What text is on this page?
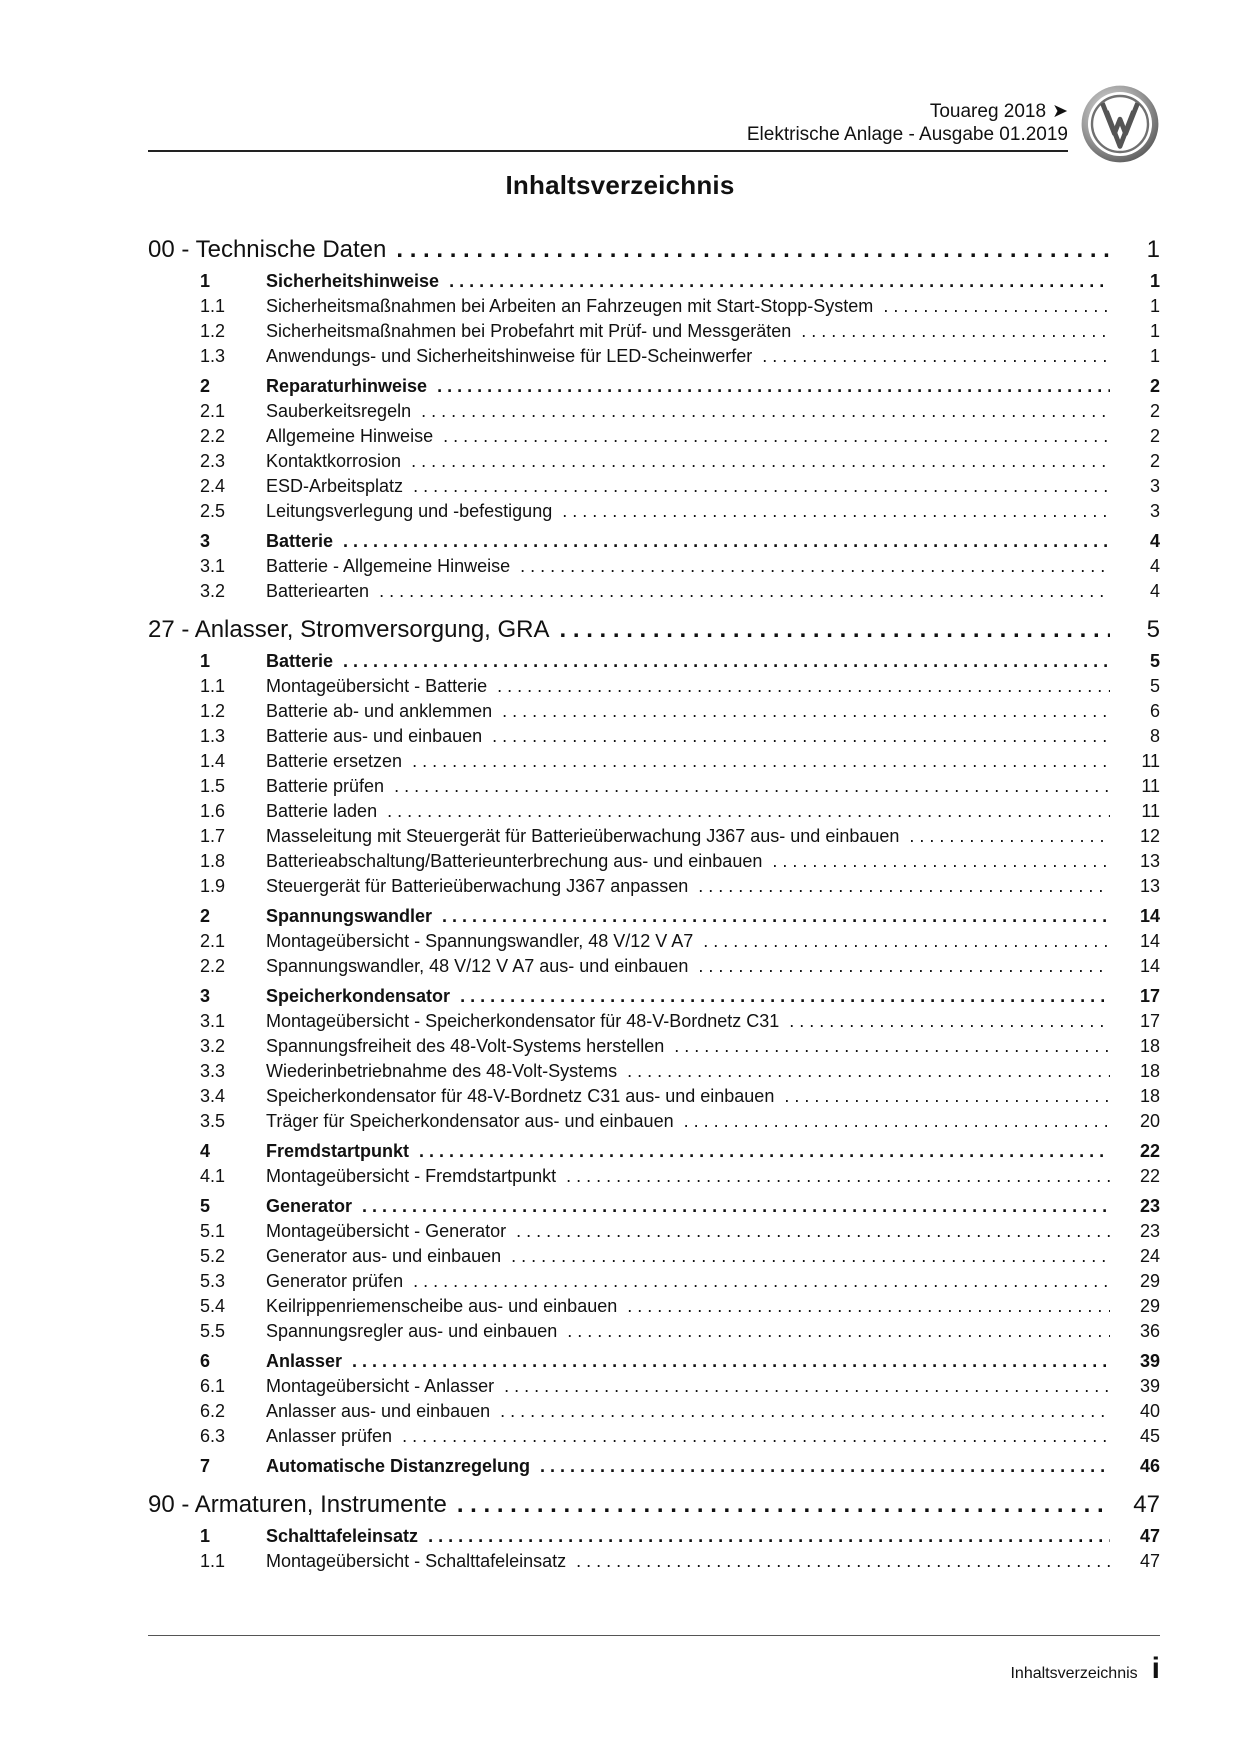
Touareg 2018 ➤
Elektrische Anlage - Ausgabe 01.2019
Inhaltsverzeichnis
00 - Technische Daten . . .	1
1	Sicherheitshinweise . . .	1
1.1	Sicherheitsmaßnahmen bei Arbeiten an Fahrzeugen mit Start-Stopp-System . . .	1
1.2	Sicherheitsmaßnahmen bei Probefahrt mit Prüf- und Messgeräten . . .	1
1.3	Anwendungs- und Sicherheitshinweise für LED-Scheinwerfer . . .	1
2	Reparaturhinweise . . .	2
2.1	Sauberkeitsregeln . . .	2
2.2	Allgemeine Hinweise . . .	2
2.3	Kontaktkorrosion . . .	2
2.4	ESD-Arbeitsplatz . . .	3
2.5	Leitungsverlegung und -befestigung . . .	3
3	Batterie . . .	4
3.1	Batterie - Allgemeine Hinweise . . .	4
3.2	Batteriearten . . .	4
27 - Anlasser, Stromversorgung, GRA . . .	5
1	Batterie . . .	5
1.1	Montageübersicht - Batterie . . .	5
1.2	Batterie ab- und anklemmen . . .	6
1.3	Batterie aus- und einbauen . . .	8
1.4	Batterie ersetzen . . .	11
1.5	Batterie prüfen . . .	11
1.6	Batterie laden . . .	11
1.7	Masseleitung mit Steuergerät für Batterieüberwachung J367 aus- und einbauen . . .	12
1.8	Batterieabschaltung/Batterieunterbrechung aus- und einbauen . . .	13
1.9	Steuergerät für Batterieüberwachung J367 anpassen . . .	13
2	Spannungswandler . . .	14
2.1	Montageübersicht - Spannungswandler, 48 V/12 V A7 . . .	14
2.2	Spannungswandler, 48 V/12 V A7 aus- und einbauen . . .	14
3	Speicherkondensator . . .	17
3.1	Montageübersicht - Speicherkondensator für 48-V-Bordnetz C31 . . .	17
3.2	Spannungsfreiheit des 48-Volt-Systems herstellen . . .	18
3.3	Wiederinbetriebnahme des 48-Volt-Systems . . .	18
3.4	Speicherkondensator für 48-V-Bordnetz C31 aus- und einbauen . . .	18
3.5	Träger für Speicherkondensator aus- und einbauen . . .	20
4	Fremdstartpunkt . . .	22
4.1	Montageübersicht - Fremdstartpunkt . . .	22
5	Generator . . .	23
5.1	Montageübersicht - Generator . . .	23
5.2	Generator aus- und einbauen . . .	24
5.3	Generator prüfen . . .	29
5.4	Keilrippenriemenscheibe aus- und einbauen . . .	29
5.5	Spannungsregler aus- und einbauen . . .	36
6	Anlasser . . .	39
6.1	Montageübersicht - Anlasser . . .	39
6.2	Anlasser aus- und einbauen . . .	40
6.3	Anlasser prüfen . . .	45
7	Automatische Distanzregelung . . .	46
90 - Armaturen, Instrumente . . .	47
1	Schalttafeleinsatz . . .	47
1.1	Montageübersicht - Schalttafeleinsatz . . .	47
Inhaltsverzeichnis i
